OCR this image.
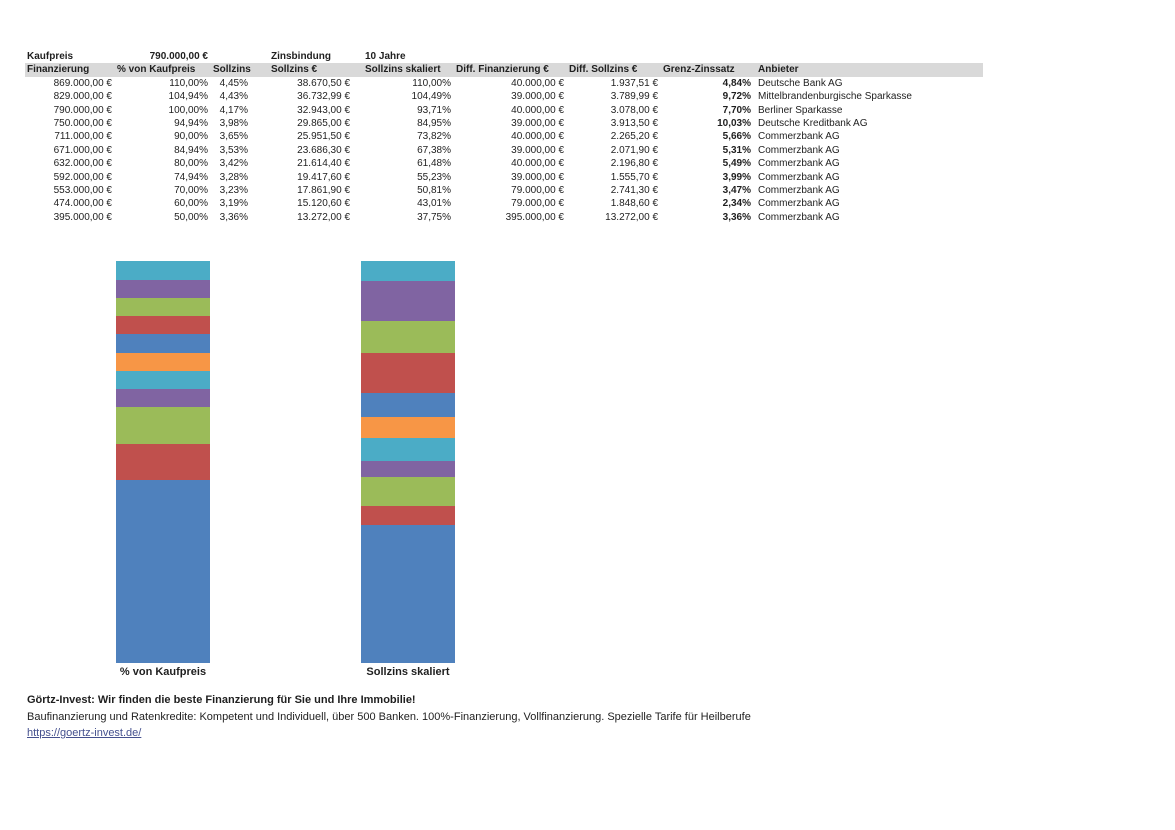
Kaufpreis	790.000,00 €	Zinsbindung	10 Jahre
Finanzierung	% von Kaufpreis	Sollzins	Sollzins €	Sollzins skaliert	Diff. Finanzierung €	Diff. Sollzins €	Grenz-Zinssatz	Anbieter
869.000,00 €	110,00%	4,45%	38.670,50 €	110,00%	40.000,00 €	1.937,51 €	4,84% Deutsche Bank AG
829.000,00 €	104,94%	4,43%	36.732,99 €	104,49%	39.000,00 €	3.789,99 €	9,72% Mittelbrandenburgische Sparkasse
790.000,00 €	100,00%	4,17%	32.943,00 €	93,71%	40.000,00 €	3.078,00 €	7,70% Berliner Sparkasse
750.000,00 €	94,94%	3,98%	29.865,00 €	84,95%	39.000,00 €	3.913,50 €	10,03% Deutsche Kreditbank AG
711.000,00 €	90,00%	3,65%	25.951,50 €	73,82%	40.000,00 €	2.265,20 €	5,66% Commerzbank AG
671.000,00 €	84,94%	3,53%	23.686,30 €	67,38%	39.000,00 €	2.071,90 €	5,31% Commerzbank AG
632.000,00 €	80,00%	3,42%	21.614,40 €	61,48%	40.000,00 €	2.196,80 €	5,49% Commerzbank AG
592.000,00 €	74,94%	3,28%	19.417,60 €	55,23%	39.000,00 €	1.555,70 €	3,99% Commerzbank AG
553.000,00 €	70,00%	3,23%	17.861,90 €	50,81%	79.000,00 €	2.741,30 €	3,47% Commerzbank AG
474.000,00 €	60,00%	3,19%	15.120,60 €	43,01%	79.000,00 €	1.848,60 €	2,34% Commerzbank AG
395.000,00 €	50,00%	3,36%	13.272,00 €	37,75%	395.000,00 €	13.272,00 €	3,36% Commerzbank AG
% von Kaufpreis	Sollzins skaliert
Görtz-Invest: Wir finden die beste Finanzierung für Sie und Ihre Immobilie!
Baufinanzierung und Ratenkredite: Kompetent und Individuell, über 500 Banken. 100%-Finanzierung, Vollfinanzierung. Spezielle Tarife für Heilberufe
https://goertz-invest.de/
